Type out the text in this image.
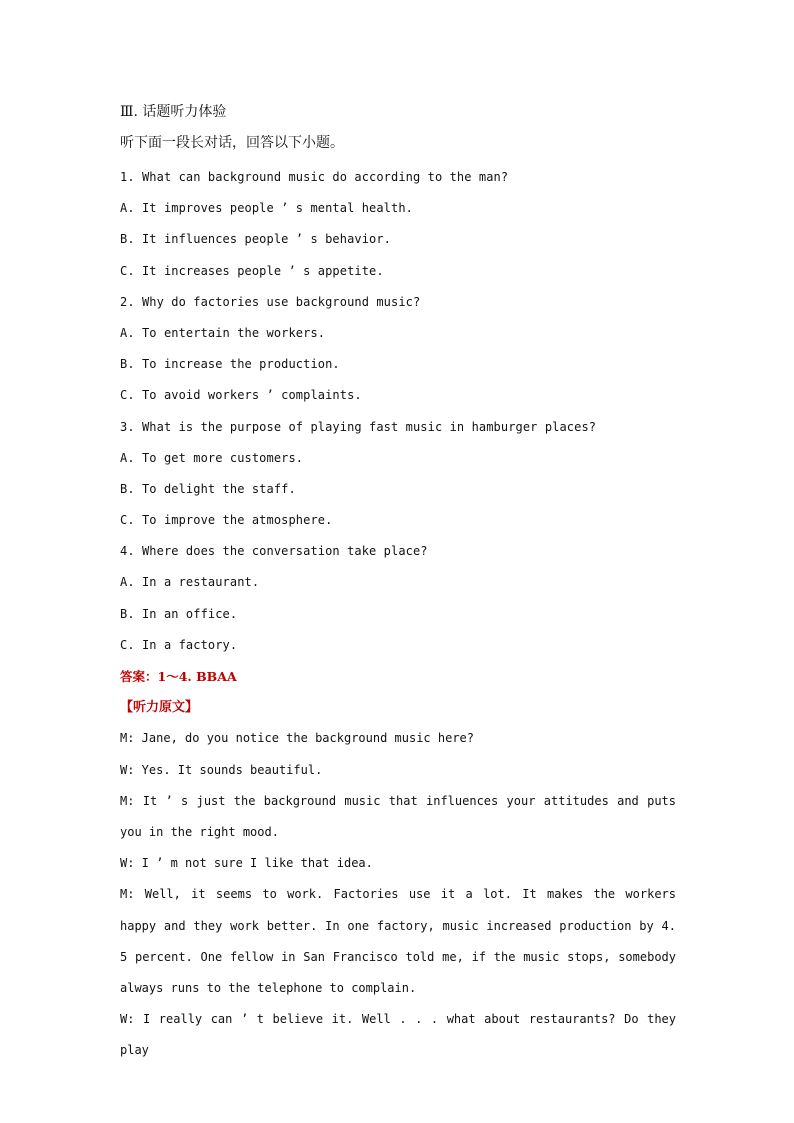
Ⅲ. 话题听力体验
听下面一段长对话，回答以下小题。
1. What can background music do according to the man?
A. It improves people ’ s mental health.
B. It influences people ’ s behavior.
C. It increases people ’ s appetite.
2. Why do factories use background music?
A. To entertain the workers.
B. To increase the production.
C. To avoid workers ’ complaints.
3. What is the purpose of playing fast music in hamburger places?
A. To get more customers.
B. To delight the staff.
C. To improve the atmosphere.
4. Where does the conversation take place?
A. In a restaurant.
B. In an office.
C. In a factory.
答案：1～4. BBAA
【听力原文】
M: Jane, do you notice the background music here?
W: Yes. It sounds beautiful.
M: It ’ s just the background music that influences your attitudes and puts you in the right mood.
W: I ’ m not sure I like that idea.
M: Well, it seems to work. Factories use it a lot. It makes the workers happy and they work better. In one factory, music increased production by 4. 5 percent. One fellow in San Francisco told me, if the music stops, somebody always runs to the telephone to complain.
W: I really can ’ t believe it. Well . . . what about restaurants? Do they play
